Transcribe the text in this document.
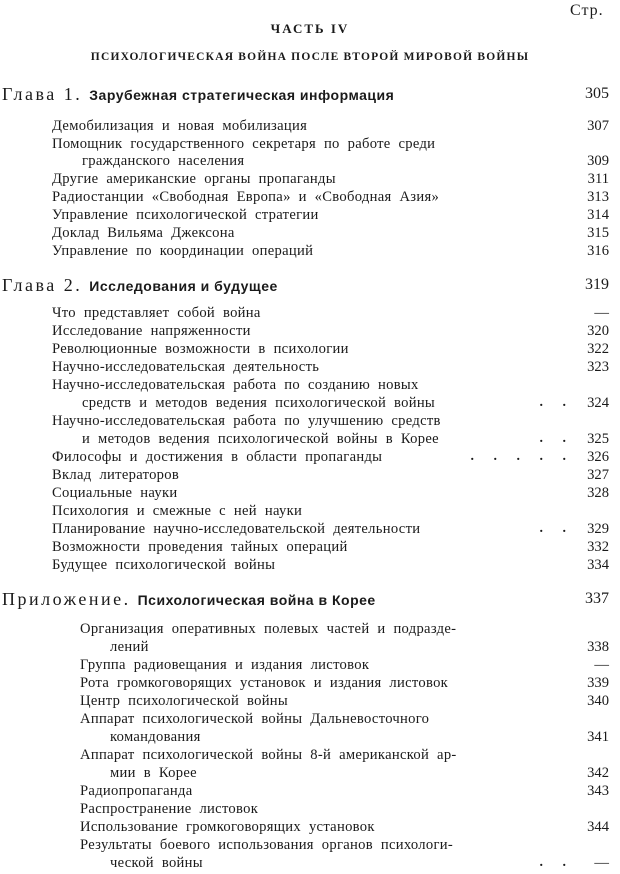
Стр.
ЧАСТЬ IV
ПСИХОЛОГИЧЕСКАЯ ВОЙНА ПОСЛЕ ВТОРОЙ МИРОВОЙ ВОЙНЫ
Глава 1. Зарубежная стратегическая информация	305
Демобилизация и новая мобилизация	307
Помощник государственного секретаря по работе среди
гражданского населения	309
Другие американские органы пропаганды	311
Радиостанции «Свободная Европа» и «Свободная Азия»	313
Управление психологической стратегии	314
Доклад Вильяма Джексона	315
Управление по координации операций	316
Глава 2. Исследования и будущее	319
Что представляет собой война	—
Исследование напряженности	320
Революционные возможности в психологии	322
Научно-исследовательская деятельность	323
Научно-исследовательская работа по созданию новых
средств и методов ведения психологической войны	. . 324
Научно-исследовательская работа по улучшению средств
и методов ведения психологической войны в Корее	. . 325
Философы и достижения в области пропаганды	. . . . . 326
Вклад литераторов	327
Социальные науки	328
Психология и смежные с ней науки
Планирование научно-исследовательской деятельности	. . 329
Возможности проведения тайных операций	332
Будущее психологической войны	334
Приложение. Психологическая война в Корее	337
Организация оперативных полевых частей и подразде-
лений	338
Группа радиовещания и издания листовок	—
Рота громкоговорящих установок и издания листовок	339
Центр психологической войны	340
Аппарат психологической войны Дальневосточного
командования	341
Аппарат психологической войны 8-й американской ар-
мии в Корее	342
Радиопропаганда	343
Распространение листовок
Использование громкоговорящих установок	344
Результаты боевого использования органов психологи-
ческой войны	. . —
